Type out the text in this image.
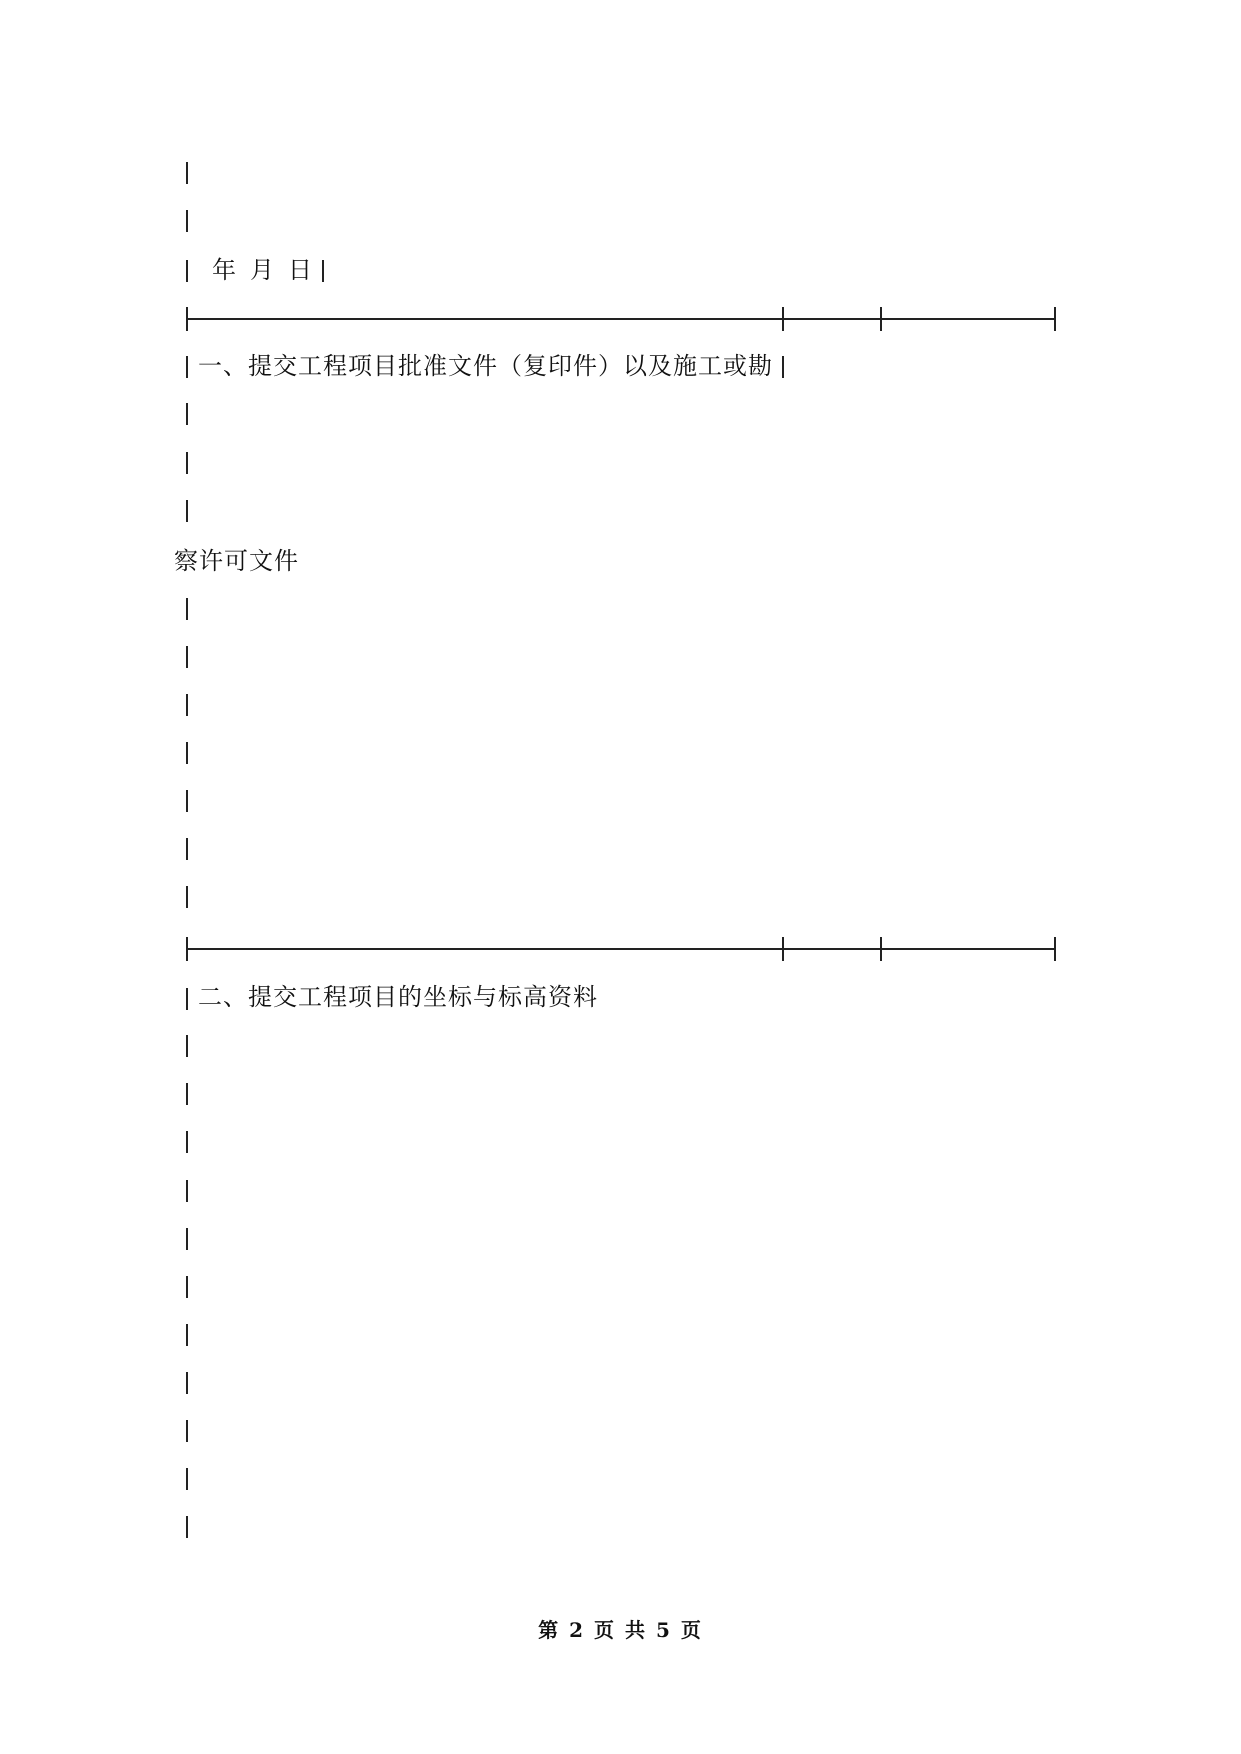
年 月 日
一、提交工程项目批准文件（复印件）以及施工或勘
察许可文件
二、提交工程项目的坐标与标高资料
第 2 页 共 5 页
